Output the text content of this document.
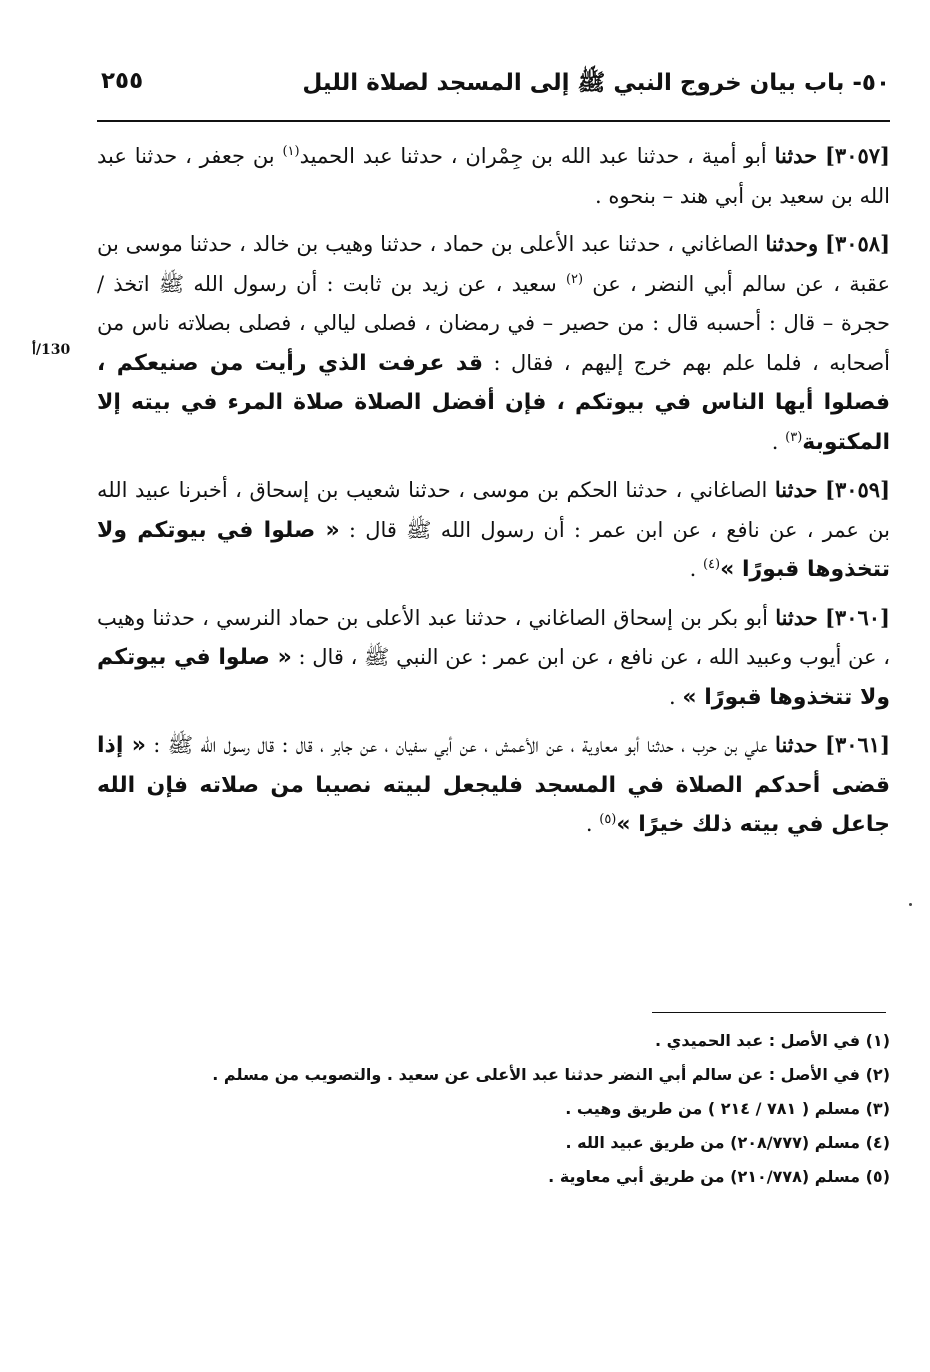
٥٠- باب بيان خروج النبي ﷺ إلى المسجد لصلاة الليل
٢٥٥
130/أ

[٣٠٥٧] حدثنا أبو أمية ، حدثنا عبد الله بن جِمْران ، حدثنا عبد الحميد$^{(١)}$ بن جعفر ، حدثنا عبد الله بن سعيد بن أبي هند – بنحوه .

[٣٠٥٨] وحدثنا الصاغاني ، حدثنا عبد الأعلى بن حماد ، حدثنا وهيب بن خالد ، حدثنا موسى بن عقبة ، عن سالم أبي النضر ، عن $^{(٢)}$ سعيد ، عن زيد بن ثابت : أن رسول الله ﷺ اتخذ / حجرة – قال : أحسبه قال : من حصير – في رمضان ، فصلى ليالي ، فصلى بصلاته ناس من أصحابه ، فلما علم بهم خرج إليهم ، فقال : قد عرفت الذي رأيت من صنيعكم ، فصلوا أيها الناس في بيوتكم ، فإن أفضل الصلاة صلاة المرء في بيته إلا المكتوبة$^{(٣)}$ .

[٣٠٥٩] حدثنا الصاغاني ، حدثنا الحكم بن موسى ، حدثنا شعيب بن إسحاق ، أخبرنا عبيد الله بن عمر ، عن نافع ، عن ابن عمر : أن رسول الله ﷺ قال : « صلوا في بيوتكم ولا تتخذوها قبورًا »$^{(٤)}$ .

[٣٠٦٠] حدثنا أبو بكر بن إسحاق الصاغاني ، حدثنا عبد الأعلى بن حماد النرسي ، حدثنا وهيب ، عن أيوب وعبيد الله ، عن نافع ، عن ابن عمر : عن النبي ﷺ ، قال : « صلوا في بيوتكم ولا تتخذوها قبورًا » .

[٣٠٦١] حدثنا علي بن حرب ، حدثنا أبو معاوية ، عن الأعمش ، عن أبي سفيان ، عن جابر ، قال : قال رسول الله ﷺ : « إذا قضى أحدكم الصلاة في المسجد فليجعل لبيته نصيبا من صلاته فإن الله جاعل في بيته ذلك خيرًا »$^{(٥)}$ .

(١) في الأصل : عبد الحميدي .

(٢) في الأصل : عن سالم أبي النضر حدثنا عبد الأعلى عن سعيد . والتصويب من مسلم .

(٣) مسلم ( ٧٨١ / ٢١٤ ) من طريق وهيب .

(٤) مسلم (٢٠٨/٧٧٧) من طريق عبيد الله .

(٥) مسلم (٢١٠/٧٧٨) من طريق أبي معاوية .
